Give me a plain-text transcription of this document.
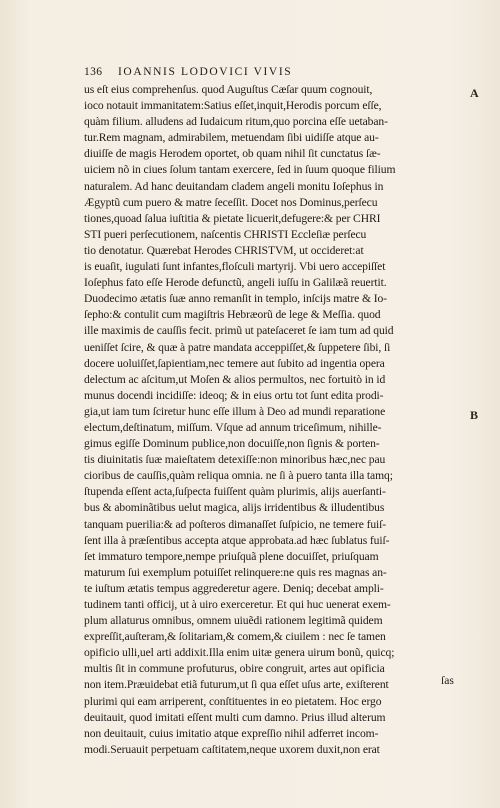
136 IOANNIS LODOVICI VIVIS
A
B
us eſt eius comprehenſus. quod Auguſtus Cæſar quum cognouit,
ioco notauit immanitatem:Satius eſſet,inquit,Herodis porcum eſſe,
quàm filium. alludens ad Iudaicum ritum,quo porcina eſſe uetaban-
tur.Rem magnam, admirabilem, metuendam ſibi uidiſſe atque au-
diuiſſe de magis Herodem oportet, ob quam nihil ſit cunctatus ſæ-
uiciem nõ in ciues ſolum tantam exercere, ſed in ſuum quoque filium
naturalem. Ad hanc deuitandam cladem angeli monitu Ioſephus in
Ægyptũ cum puero & matre ſeceſſit. Docet nos Dominus,perſecu
tiones,quoad ſalua iuſtitia & pietate licuerit,defugere:& per CHRI
STI pueri perſecutionem, naſcentis CHRISTI Eccleſiæ perſecu
tio denotatur. Quærebat Herodes CHRISTVM, ut occideret:at
is euaſit, iugulati ſunt infantes,floſculi martyrij. Vbi uero accepiſſet
Ioſephus fato eſſe Herode defunctũ, angeli iuſſu in Galilæã reuertit.
Duodecimo ætatis ſuæ anno remanſit in templo, inſcijs matre & Io-
ſepho:& contulit cum magiſtris Hebræorũ de lege & Meſſia. quod
ille maximis de cauſſis fecit. primũ ut pateſaceret ſe iam tum ad quid
ueniſſet ſcire, & quæ à patre mandata acceppiſſet,& ſuppetere ſibi, ſi
docere uoluiſſet,ſapientiam,nec temere aut ſubito ad ingentia opera
delectum ac aſcitum,ut Moſen & alios permultos, nec fortuitò in id
munus docendi incidiſſe: ideoq; & in eius ortu tot ſunt edita prodi-
gia,ut iam tum ſciretur hunc eſſe illum à Deo ad mundi reparatione
electum,deſtinatum, miſſum. Vſque ad annum triceſimum, nihille-
gimus egiſſe Dominum publice,non docuiſſe,non ſignis & porten-
tis diuinitatis ſuæ maieſtatem detexiſſe:non minoribus hæc,nec pau
cioribus de cauſſis,quàm reliqua omnia. ne ſi à puero tanta illa tamq;
ſtupenda eſſent acta,ſuſpecta fuiſſent quàm plurimis, alijs auerſanti-
bus & abominãtibus uelut magica, alijs irridentibus & illudentibus
tanquam puerilia:& ad poſteros dimanaſſet ſuſpicio, ne temere fuiſ-
ſent illa à præſentibus accepta atque approbata.ad hæc ſublatus fuiſ-
ſet immaturo tempore,nempe priuſquã plene docuiſſet, priuſquam
maturum ſui exemplum potuiſſet relinquere:ne quis res magnas an-
te iuſtum ætatis tempus aggrederetur agere. Deniq; decebat ampli-
tudinem tanti officij, ut à uiro exerceretur. Et qui huc uenerat exem-
plum allaturus omnibus, omnem uiuẽdi rationem legitimã quidem
expreſſit,auſteram,& ſolitariam,& comem,& ciuilem : nec ſe tamen
opificio ulli,uel arti addixit.Illa enim uitæ genera uirum bonũ, quicq;
multis ſit in commune profuturus, obire congruit, artes aut opificia
non item.Præuidebat etiã futurum,ut ſi qua eſſet uſus arte, exiſterent
plurimi qui eam arriperent, conſtituentes in eo pietatem. Hoc ergo
deuitauit, quod imitati eſſent multi cum damno. Prius illud alterum
non deuitauit, cuius imitatio atque expreſſio nihil adferret incom-
modi.Seruauit perpetuam caſtitatem,neque uxorem duxit,non erat
ſas
